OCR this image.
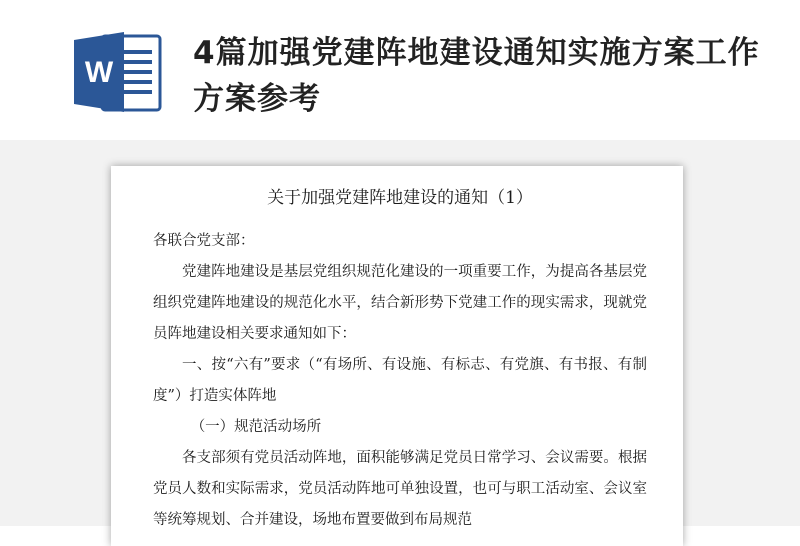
W
4篇加强党建阵地建设通知实施方案工作方案参考
关于加强党建阵地建设的通知（1）
各联合党支部：
党建阵地建设是基层党组织规范化建设的一项重要工作，为提高各基层党组织党建阵地建设的规范化水平，结合新形势下党建工作的现实需求，现就党员阵地建设相关要求通知如下：
一、按“六有”要求（“有场所、有设施、有标志、有党旗、有书报、有制度”）打造实体阵地
（一）规范活动场所
各支部须有党员活动阵地，面积能够满足党员日常学习、会议需要。根据党员人数和实际需求，党员活动阵地可单独设置，也可与职工活动室、会议室等统筹规划、合并建设，场地布置要做到布局规范
